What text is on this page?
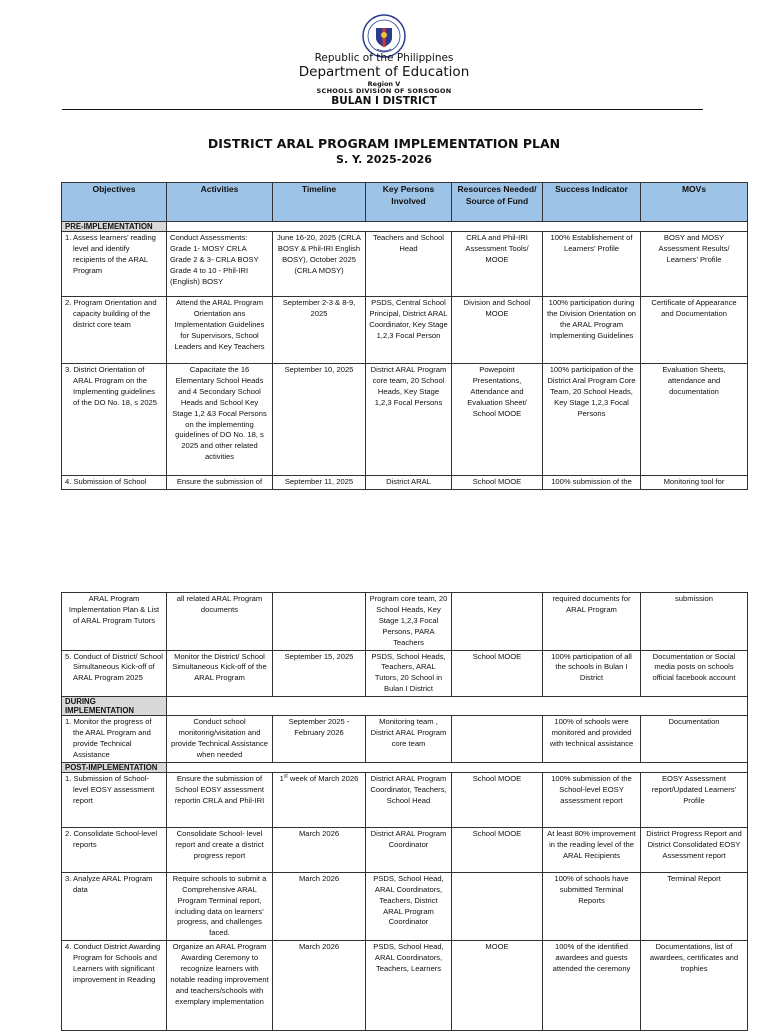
Republic of the Philippines
Department of Education
Region V
SCHOOLS DIVISION OF SORSOGON
BULAN I DISTRICT
DISTRICT ARAL PROGRAM IMPLEMENTATION PLAN
S. Y. 2025-2026
Objectives	Activities	Timeline	Key Persons Involved	Resources Needed/ Source of Fund	Success Indicator	MOVs
PRE-IMPLEMENTATION						

1. Assess learners’ reading level and identify recipients of the ARAL Program	Conduct Assessments: Grade 1- MOSY CRLA Grade 2 & 3- CRLA BOSY Grade 4 to 10 - Phil-IRI (English) BOSY	June 16-20, 2025 (CRLA BOSY & Phil-IRI English BOSY), October 2025 (CRLA MOSY)	Teachers and School Head	CRLA and Phil-IRI Assessment Tools/ MOOE	100% Establishement of Learners’ Profile	BOSY and MOSY Assessment Results/ Learners’ Profile

2. Program Orientation and capacity building of the district core team	Attend the ARAL Program Orientation ans Implementation Guidelines for Supervisors, School Leaders and Key Teachers	September 2-3 & 8-9, 2025	PSDS, Central School Principal, District ARAL Coordinator, Key Stage 1,2,3 Focal Person	Division and School MOOE	100% participation during the Division Orientation on the ARAL Program Implementing Guidelines	Certificate of Appearance and Documentation

3. District Orientation of ARAL Program on the Implementing guidelines of the DO No. 18, s 2025	Capacitate the 16 Elementary School Heads and 4 Secondary School Heads and School Key Stage 1,2 &3 Focal Persons on the implementing guidelines of DO No. 18, s 2025 and other related activities	September 10, 2025	District ARAL Program core team, 20 School Heads, Key Stage 1,2,3 Focal Persons	Powepoint Presentations, Attendance and Evaluation Sheet/ School MOOE	100% participation of the District Aral Program Core Team, 20 School Heads, Key Stage 1,2,3 Focal Persons	Evaluation Sheets, attendance and documentation
4. Submission of School	Ensure the submission of	September 11, 2025	District ARAL	School MOOE	100% submission of the	Monitoring tool for
ARAL Program Implementation Plan & List of ARAL Program Tutors	all related ARAL Program documents		Program core team, 20 School Heads, Key Stage 1,2,3 Focal Persons, PARA Teachers		required documents for ARAL Program	submission

5. Conduct of District/ School Simultaneous Kick-off of ARAL Program 2025	Monitor the District/ School Simultaneous Kick-off of the ARAL Program	September 15, 2025	PSDS, School Heads, Teachers, ARAL Tutors, 20 School in Bulan I District	School MOOE	100% participation of all the schools in Bulan I District	Documentation or Social media posts on schools official facebook account
DURING IMPLEMENTATION						

1. Monitor the progress of the ARAL Program and provide Technical Assistance	Conduct school monitoring/visitation and provide Technical Assistance when needed	September 2025 - February 2026	Monitoring team , District ARAL Program core team		100% of schools were monitored and provided with technical assistance	Documentation
POST-IMPLEMENTATION						

1. Submission of School-level EOSY assessment report	Ensure the submission of School EOSY assessment reportin CRLA and Phil-IRI	1st week of March 2026	District ARAL Program Coordinator, Teachers, School Head	School MOOE	100% submission of the School-level EOSY assessment report	EOSY Assessment report/Updated Learners’ Profile

2. Consolidate School-level reports	Consolidate School- level report and create a district progress report	March 2026	District ARAL Program Coordinator	School MOOE	At least 80% improvement in the reading level of the ARAL Recipients	District Progress Report and District Consolidated EOSY Assessment report

3. Analyze ARAL Program data	Require schools to submit a Comprehensive ARAL Program Terminal report, including data on learners’ progress, and challenges faced.	March 2026	PSDS, School Head, ARAL Coordinators, Teachers, District ARAL Program Coordinator		100% of schools have submitted Terminal Reports	Terminal Report

4. Conduct District Awarding Program for Schools and Learners with significant improvement in Reading	Organize an ARAL Program Awarding Ceremony to recognize learners with notable reading improvement and teachers/schools with exemplary implementation	March 2026	PSDS, School Head, ARAL Coordinators, Teachers, Learners	MOOE	100% of the identified awardees and guests attended the ceremony	Documentations, list of awardees, certificates and trophies
